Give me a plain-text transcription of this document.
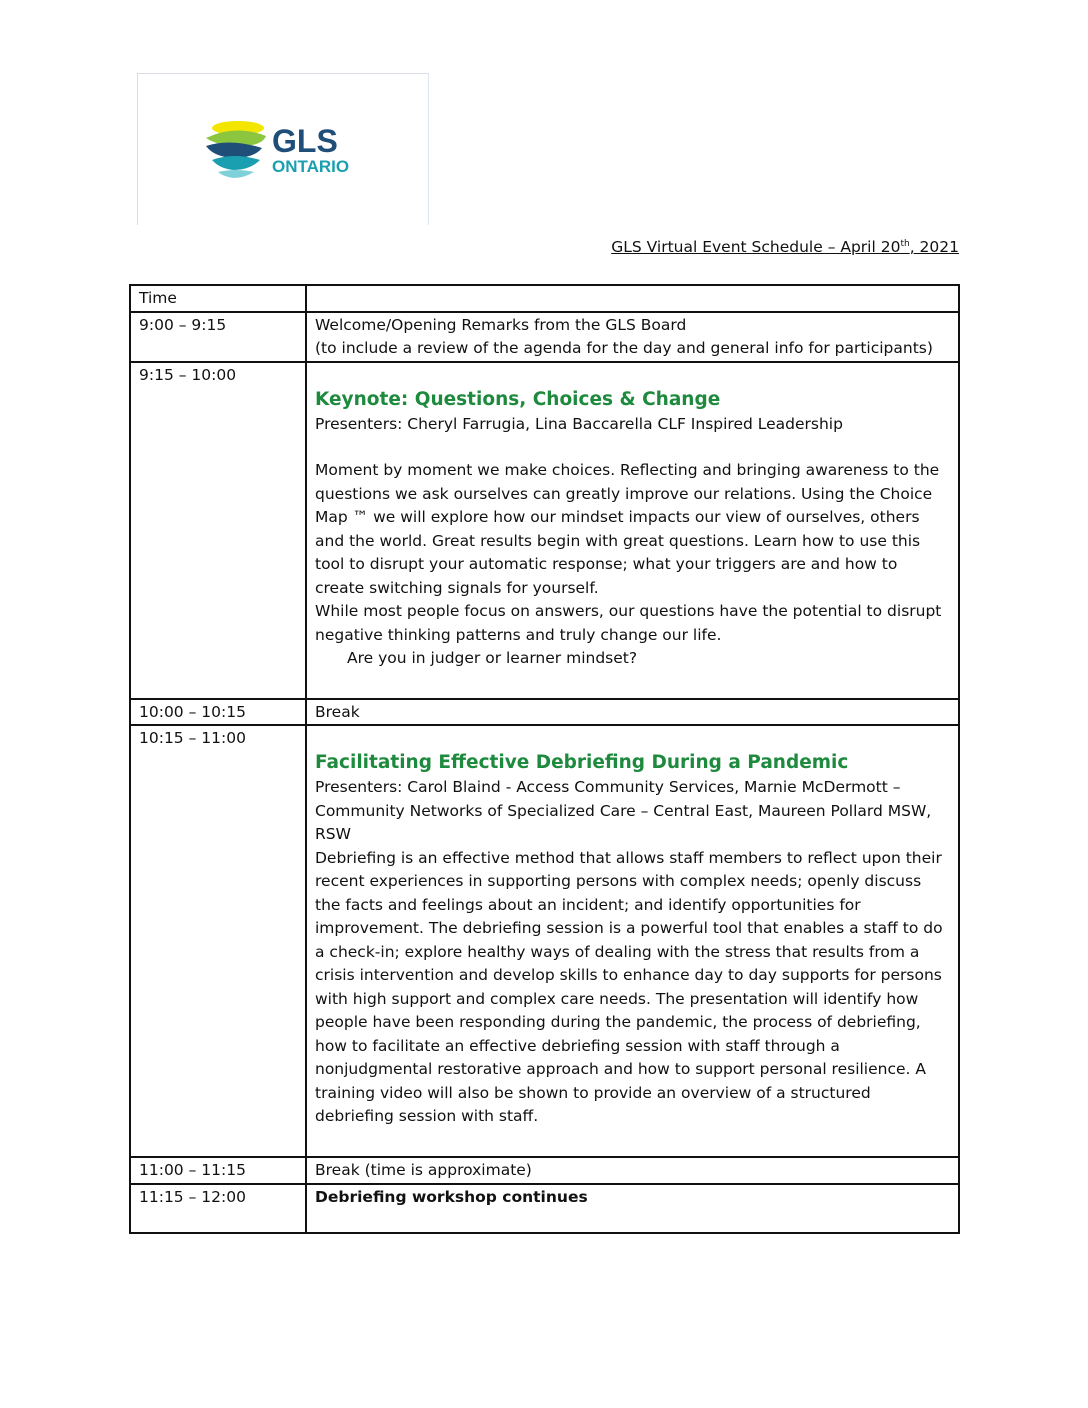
GLS
ONTARIO
GLS Virtual Event Schedule – April 20th, 2021
Time	
9:00 – 9:15	Welcome/Opening Remarks from the GLS Board

(to include a review of the agenda for the day and general info for participants)

9:15 – 10:00	Keynote: Questions, Choices & Change

Presenters: Cheryl Farrugia, Lina Baccarella CLF Inspired Leadership

Moment by moment we make choices. Reflecting and bringing awareness to the questions we ask ourselves can greatly improve our relations. Using the Choice Map ™ we will explore how our mindset impacts our view of ourselves, others and the world. Great results begin with great questions. Learn how to use this tool to disrupt your automatic response; what your triggers are and how to create switching signals for yourself.

While most people focus on answers, our questions have the potential to disrupt negative thinking patterns and truly change our life.

Are you in judger or learner mindset?

10:00 – 10:15	Break
10:15 – 11:00	Facilitating Effective Debriefing During a Pandemic

Presenters: Carol Blaind - Access Community Services, Marnie McDermott – Community Networks of Specialized Care – Central East, Maureen Pollard MSW, RSW

Debriefing is an effective method that allows staff members to reflect upon their recent experiences in supporting persons with complex needs; openly discuss the facts and feelings about an incident; and identify opportunities for improvement. The debriefing session is a powerful tool that enables a staff to do a check-in; explore healthy ways of dealing with the stress that results from a crisis intervention and develop skills to enhance day to day supports for persons with high support and complex care needs. The presentation will identify how people have been responding during the pandemic, the process of debriefing, how to facilitate an effective debriefing session with staff through a nonjudgmental restorative approach and how to support personal resilience. A training video will also be shown to provide an overview of a structured debriefing session with staff.

11:00 – 11:15	Break (time is approximate)
11:15 – 12:00	Debriefing workshop continues
